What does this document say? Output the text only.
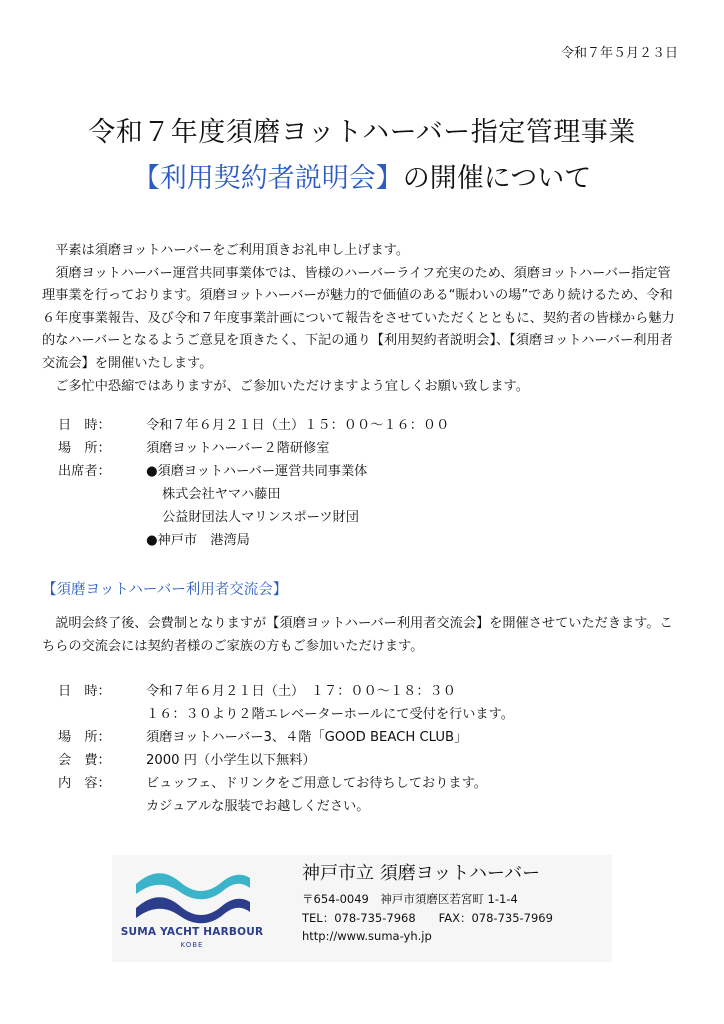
令和７年５月２３日
令和７年度須磨ヨットハーバー指定管理事業
【利用契約者説明会】の開催について

平素は須磨ヨットハーバーをご利用頂きお礼申し上げます。

須磨ヨットハーバー運営共同事業体では、皆様のハーバーライフ充実のため、須磨ヨットハーバー指定管理事業を行っております。須磨ヨットハーバーが魅力的で価値のある“賑わいの場”であり続けるため、令和６年度事業報告、及び令和７年度事業計画について報告をさせていただくとともに、契約者の皆様から魅力的なハーバーとなるようご意見を頂きたく、下記の通り【利用契約者説明会】、【須磨ヨットハーバー利用者交流会】を開催いたします。

ご多忙中恐縮ではありますが、ご参加いただけますよう宜しくお願い致します。

日　時：	令和７年６月２１日（土）１５：００～１６：００
場　所：	須磨ヨットハーバー２階研修室
出席者：	●須磨ヨットハーバー運営共同事業体
株式会社ヤマハ藤田
公益財団法人マリンスポーツ財団
●神戸市　港湾局
【須磨ヨットハーバー利用者交流会】

説明会終了後、会費制となりますが【須磨ヨットハーバー利用者交流会】を開催させていただきます。こちらの交流会には契約者様のご家族の方もご参加いただけます。

日　時：	令和７年６月２１日（土）　１７：００～１８：３０
１６：３０より２階エレベーターホールにて受付を行います。
場　所：	須磨ヨットハーバー3、４階「GOOD BEACH CLUB」
会　費：	2000 円（小学生以下無料）
内　容：	ビュッフェ、ドリンクをご用意してお待ちしております。
カジュアルな服装でお越しください。
SUMA YACHT HARBOUR
KOBE
神戸市立 須磨ヨットハーバー
〒654-0049　神戸市須磨区若宮町 1-1-4
TEL：078-735-7968　　FAX：078-735-7969
http://www.suma-yh.jp
